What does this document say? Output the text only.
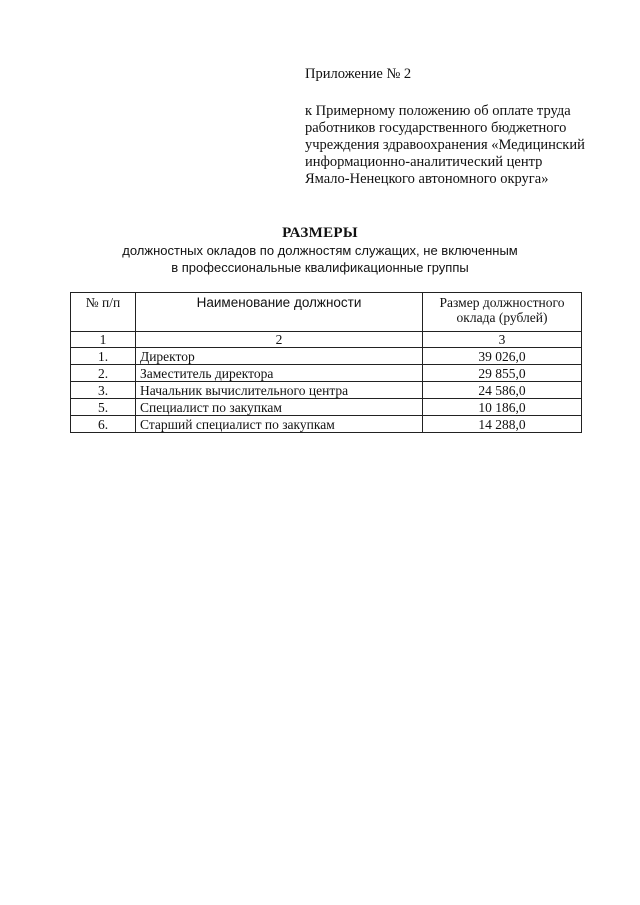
Приложение № 2

к Примерному положению об оплате труда
работников государственного бюджетного
учреждения здравоохранения «Медицинский
информационно-аналитический центр
Ямало-Ненецкого автономного округа»

РАЗМЕРЫ

должностных окладов по должностям служащих, не включенным
в профессиональные квалификационные группы

№ п/п	Наименование должности	Размер должностного оклада (рублей)
1	2	3
1.	Директор	39 026,0
2.	Заместитель директора	29 855,0
3.	Начальник вычислительного центра	24 586,0
5.	Специалист по закупкам	10 186,0
6.	Старший специалист по закупкам	14 288,0
